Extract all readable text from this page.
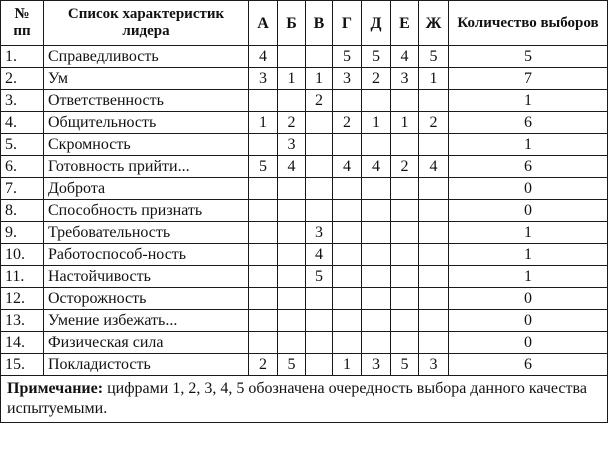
№ пп	Список характеристик лидера	А	Б	В	Г	Д	Е	Ж	Количество выборов
1.	Справедливость	4			5	5	4	5	5
2.	Ум	3	1	1	3	2	3	1	7
3.	Ответственность			2					1
4.	Общительность	1	2		2	1	1	2	6
5.	Скромность		3						1
6.	Готовность прийти...	5	4		4	4	2	4	6
7.	Доброта								0
8.	Способность признать								0
9.	Требовательность			3					1
10.	Работоспособ-ность			4					1
11.	Настойчивость			5					1
12.	Осторожность								0
13.	Умение избежать...								0
14.	Физическая сила								0
15.	Покладистость	2	5		1	3	5	3	6
Примечание: цифрами 1, 2, 3, 4, 5 обозначена очередность выбора данного качества испытуемыми.									
